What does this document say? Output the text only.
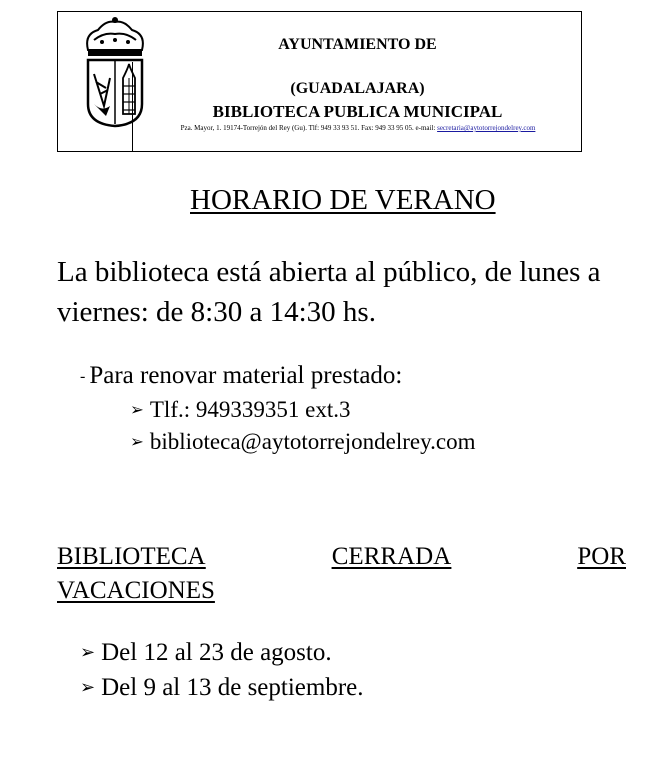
AYUNTAMIENTO DE
(GUADALAJARA)
BIBLIOTECA PUBLICA MUNICIPAL
Pza. Mayor, 1. 19174-Torrejón del Rey (Gu). Tlf: 949 33 93 51. Fax: 949 33 95 05. e-mail: secretaria@aytotorrejondelrey.com
HORARIO DE VERANO

La biblioteca está abierta al público, de lunes a viernes: de 8:30 a 14:30 hs.

- Para renovar material prestado:
➢ Tlf.: 949339351 ext.3
➢ biblioteca@aytotorrejondelrey.com
BIBLIOTECA	CERRADA	POR
VACACIONES
➢ Del 12 al 23 de agosto.
➢ Del 9 al 13 de septiembre.
